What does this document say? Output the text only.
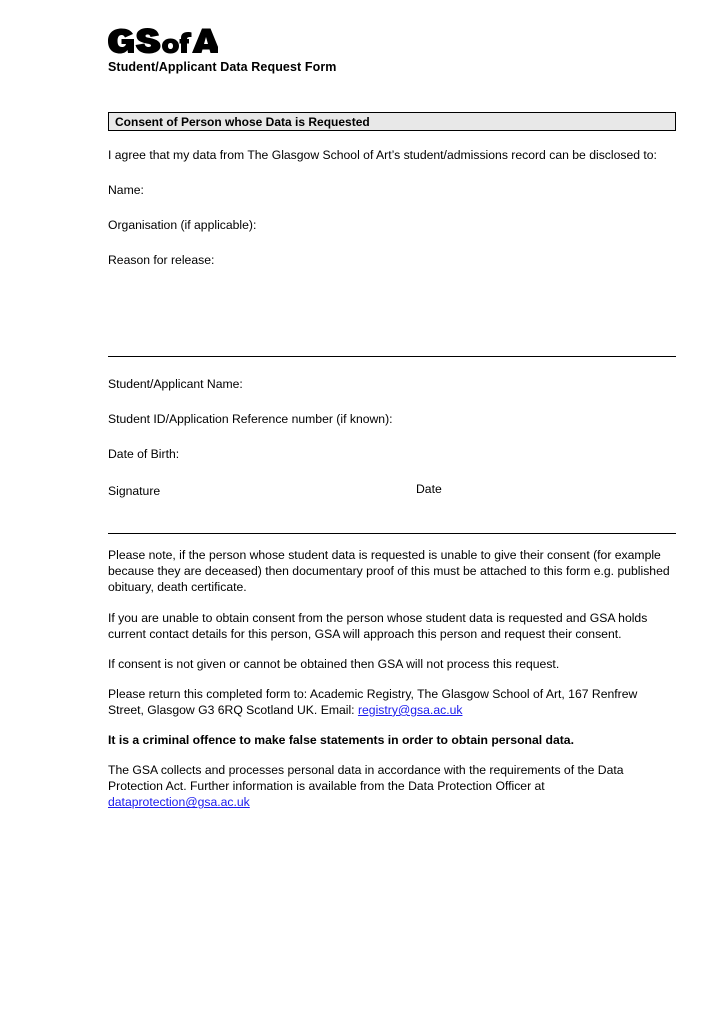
Student/Applicant Data Request Form
Consent of Person whose Data is Requested

I agree that my data from The Glasgow School of Art’s student/admissions record can be disclosed to:

Name:
Organisation (if applicable):
Reason for release:
Student/Applicant Name:
Student ID/Application Reference number (if known):
Date of Birth:
Signature	Date

Please note, if the person whose student data is requested is unable to give their consent (for example because they are deceased) then documentary proof of this must be attached to this form e.g. published obituary, death certificate.

If you are unable to obtain consent from the person whose student data is requested and GSA holds current contact details for this person, GSA will approach this person and request their consent.

If consent is not given or cannot be obtained then GSA will not process this request.

Please return this completed form to: Academic Registry, The Glasgow School of Art, 167 Renfrew Street, Glasgow G3 6RQ Scotland UK. Email: registry@gsa.ac.uk

It is a criminal offence to make false statements in order to obtain personal data.

The GSA collects and processes personal data in accordance with the requirements of the Data Protection Act. Further information is available from the Data Protection Officer at dataprotection@gsa.ac.uk
